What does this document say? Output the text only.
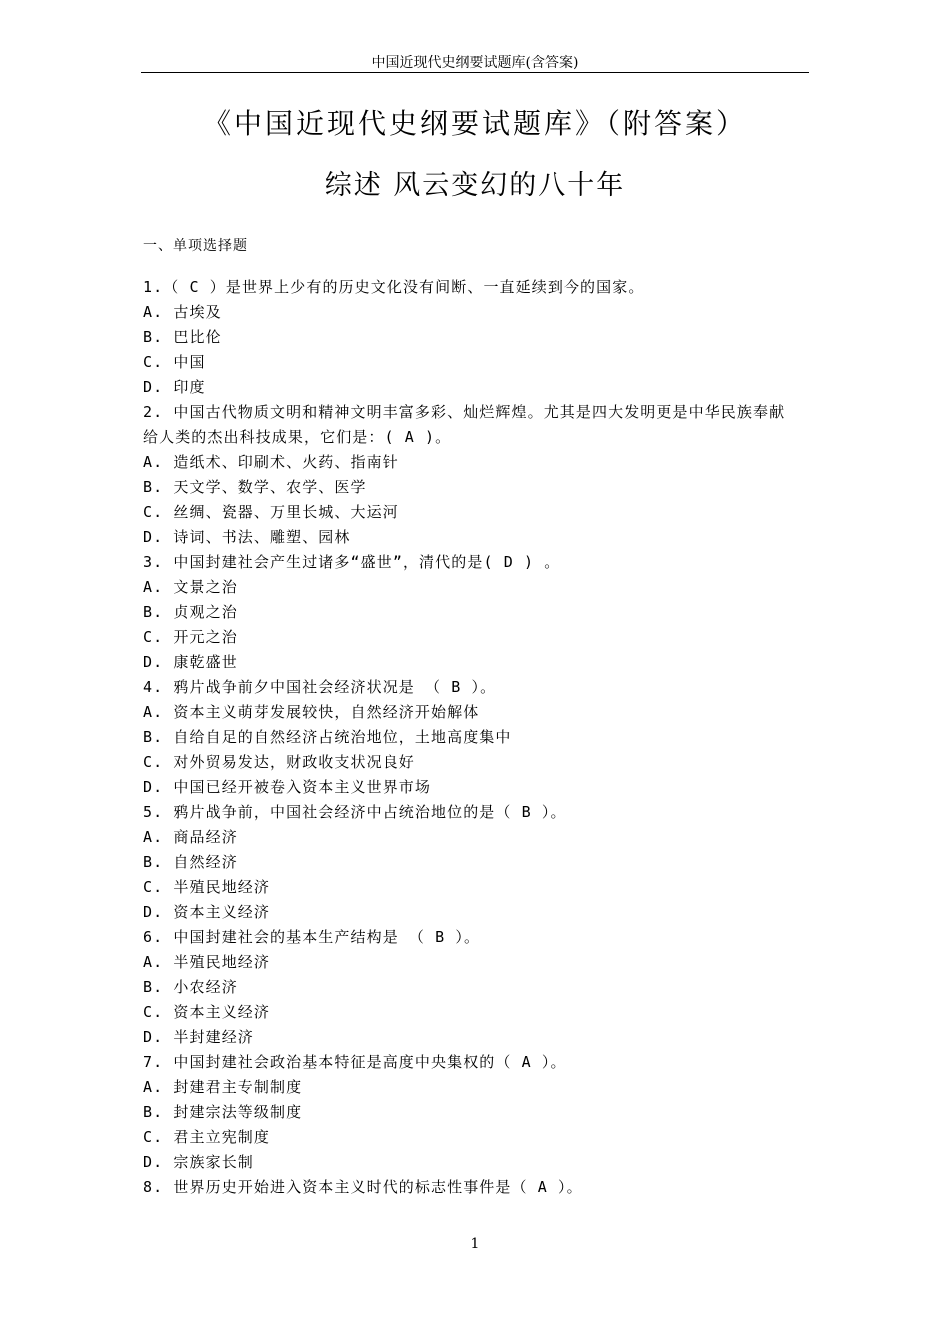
中国近现代史纲要试题库(含答案)
《中国近现代史纲要试题库》（附答案）
综述 风云变幻的八十年
一、单项选择题
1.（ C ）是世界上少有的历史文化没有间断、一直延续到今的国家。
A. 古埃及
B. 巴比伦
C. 中国
D. 印度
2. 中国古代物质文明和精神文明丰富多彩、灿烂辉煌。尤其是四大发明更是中华民族奉献
给人类的杰出科技成果，它们是：( A )。
A. 造纸术、印刷术、火药、指南针
B. 天文学、数学、农学、医学
C. 丝绸、瓷器、万里长城、大运河
D. 诗词、书法、雕塑、园林
3. 中国封建社会产生过诸多“盛世”，清代的是( D ) 。
A. 文景之治
B. 贞观之治
C. 开元之治
D. 康乾盛世
4. 鸦片战争前夕中国社会经济状况是 （ B ）。
A. 资本主义萌芽发展较快，自然经济开始解体
B. 自给自足的自然经济占统治地位，土地高度集中
C. 对外贸易发达，财政收支状况良好
D. 中国已经开被卷入资本主义世界市场
5. 鸦片战争前，中国社会经济中占统治地位的是（ B ）。
A. 商品经济
B. 自然经济
C. 半殖民地经济
D. 资本主义经济
6. 中国封建社会的基本生产结构是 （ B ）。
A. 半殖民地经济
B. 小农经济
C. 资本主义经济
D. 半封建经济
7. 中国封建社会政治基本特征是高度中央集权的（ A ）。
A. 封建君主专制制度
B. 封建宗法等级制度
C. 君主立宪制度
D. 宗族家长制
8. 世界历史开始进入资本主义时代的标志性事件是（ A ）。
1
